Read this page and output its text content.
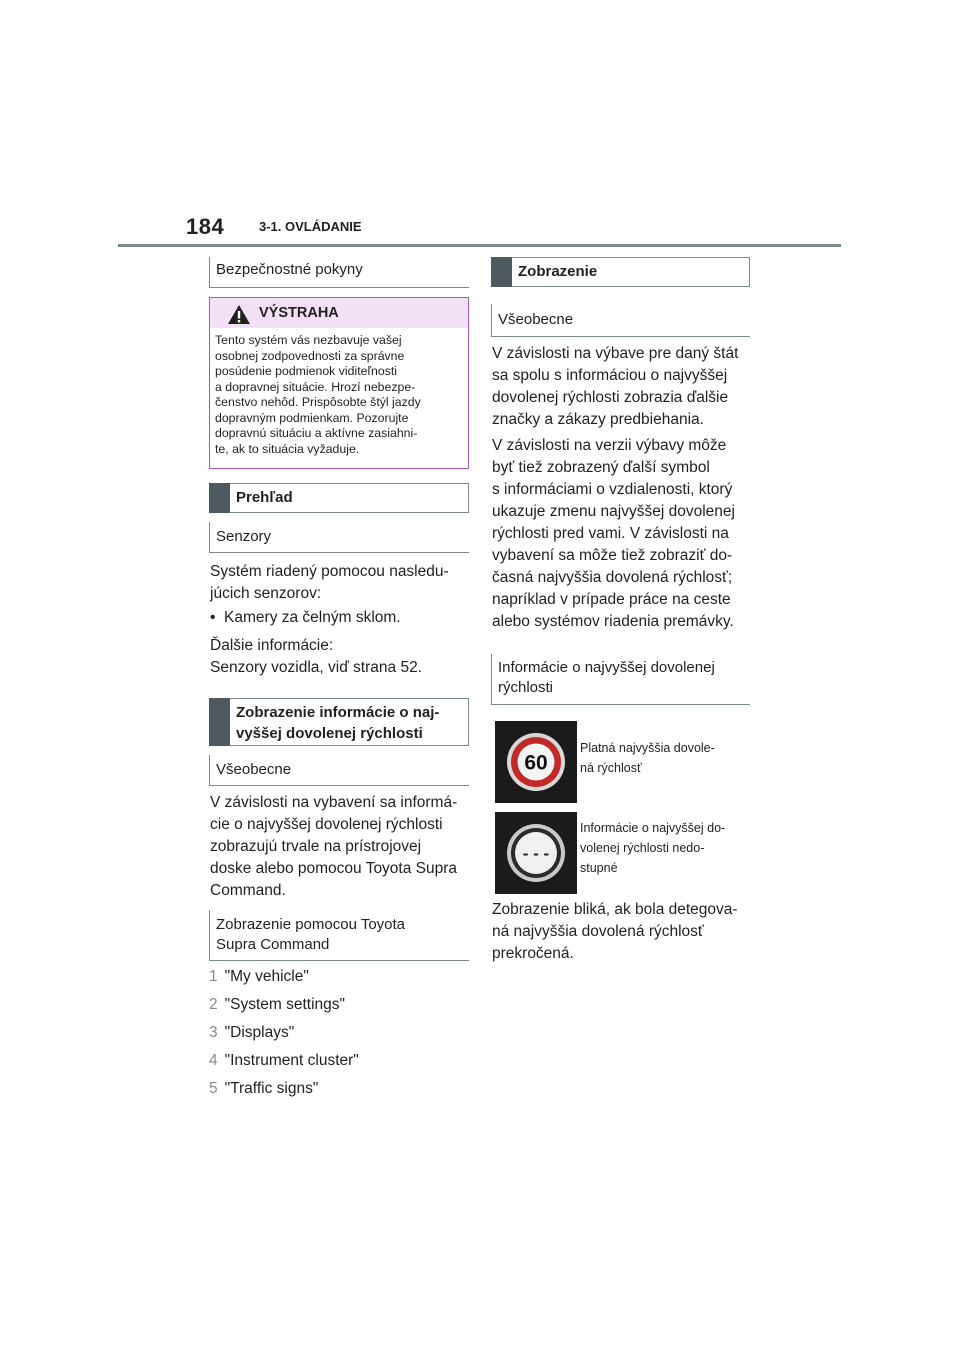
184	3-1. OVLÁDANIE
Bezpečnostné pokyny
VÝSTRAHA
Tento systém vás nezbavuje vašej
osobnej zodpovednosti za správne
posúdenie podmienok viditeľnosti
a dopravnej situácie. Hrozí nebezpe-
čenstvo nehôd. Prispôsobte štýl jazdy
dopravným podmienkam. Pozorujte
dopravnú situáciu a aktívne zasiahni-
te, ak to situácia vyžaduje.
Prehľad
Senzory

Systém riadený pomocou nasledu-

júcich senzorov:

•  Kamery za čelným sklom.

Ďalšie informácie:

Senzory vozidla, viď strana 52.

Zobrazenie informácie o naj-
vyššej dovolenej rýchlosti
Všeobecne

V závislosti na vybavení sa informá-

cie o najvyššej dovolenej rýchlosti

zobrazujú trvale na prístrojovej

doske alebo pomocou Toyota Supra

Command.

Zobrazenie pomocou Toyota
Supra Command
1 "My vehicle"
2 "System settings"
3 "Displays"
4 "Instrument cluster"
5 "Traffic signs"
Zobrazenie
Všeobecne

V závislosti na výbave pre daný štát

sa spolu s informáciou o najvyššej

dovolenej rýchlosti zobrazia ďalšie

značky a zákazy predbiehania.

V závislosti na verzii výbavy môže

byť tiež zobrazený ďalší symbol

s informáciami o vzdialenosti, ktorý

ukazuje zmenu najvyššej dovolenej

rýchlosti pred vami. V závislosti na

vybavení sa môže tiež zobraziť do-

časná najvyššia dovolená rýchlosť;

napríklad v prípade práce na ceste

alebo systémov riadenia premávky.

Informácie o najvyššej dovolenej
rýchlosti
60
Platná najvyššia dovole-
ná rýchlosť
- - -
Informácie o najvyššej do-
volenej rýchlosti nedo-
stupné

Zobrazenie bliká, ak bola detegova-

ná najvyššia dovolená rýchlosť

prekročená.
